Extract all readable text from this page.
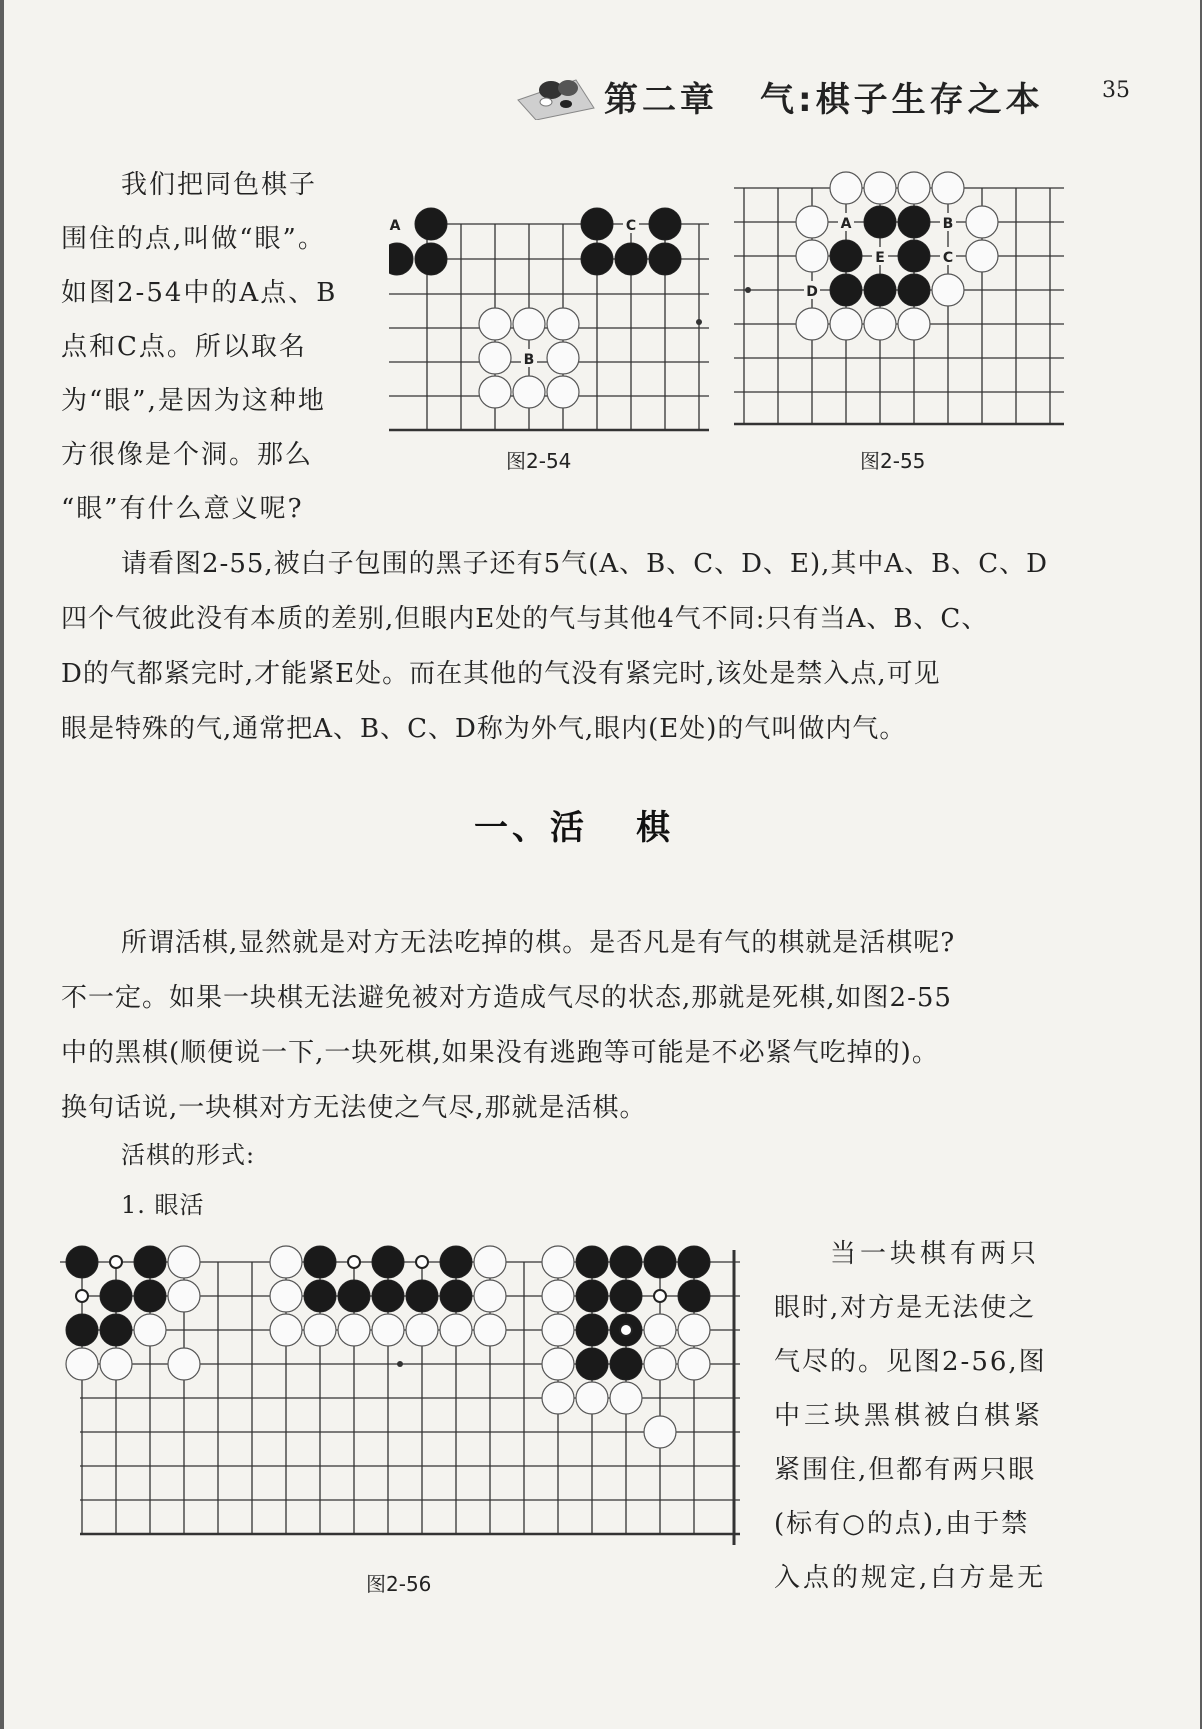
第二章 气:棋子生存之本	35
我们把同色棋子
围住的点,叫做“眼”。
如图2-54中的A点、B
点和C点。所以取名
为“眼”,是因为这种地
方很像是个洞。那么
“眼”有什么意义呢?
A
B
C
图2-54
A	B
C
D
E
图2-55
请看图2-55,被白子包围的黑子还有5气(A、B、C、D、E),其中A、B、C、D
四个气彼此没有本质的差别,但眼内E处的气与其他4气不同:只有当A、B、C、
D的气都紧完时,才能紧E处。而在其他的气没有紧完时,该处是禁入点,可见
眼是特殊的气,通常把A、B、C、D称为外气,眼内(E处)的气叫做内气。
一、活 棋
所谓活棋,显然就是对方无法吃掉的棋。是否凡是有气的棋就是活棋呢?
不一定。如果一块棋无法避免被对方造成气尽的状态,那就是死棋,如图2-55
中的黑棋(顺便说一下,一块死棋,如果没有逃跑等可能是不必紧气吃掉的)。
换句话说,一块棋对方无法使之气尽,那就是活棋。
活棋的形式:
1. 眼活
图2-56
当一块棋有两只
眼时,对方是无法使之
气尽的。见图2-56,图
中三块黑棋被白棋紧
紧围住,但都有两只眼
(标有○的点),由于禁
入点的规定,白方是无
